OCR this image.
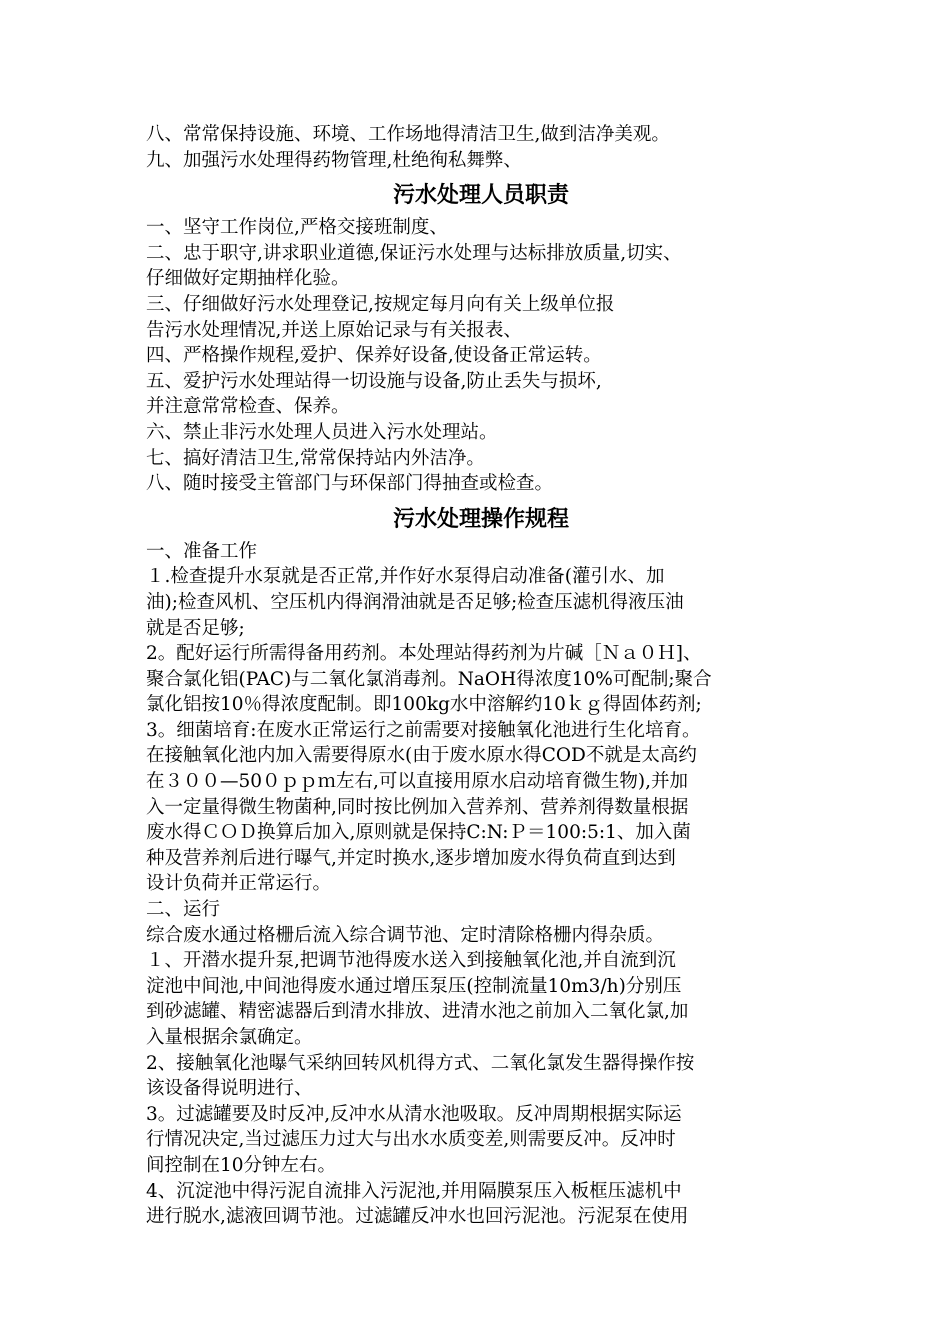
八、常常保持设施、环境、工作场地得清洁卫生,做到洁净美观。
九、加强污水处理得药物管理,杜绝徇私舞弊、
污水处理人员职责
一、坚守工作岗位,严格交接班制度、
二、忠于职守,讲求职业道德,保证污水处理与达标排放质量,切实、
仔细做好定期抽样化验。
三、仔细做好污水处理登记,按规定每月向有关上级单位报
告污水处理情况,并送上原始记录与有关报表、
四、严格操作规程,爱护、保养好设备,使设备正常运转。
五、爱护污水处理站得一切设施与设备,防止丢失与损坏,
并注意常常检查、保养。
六、禁止非污水处理人员进入污水处理站。
七、搞好清洁卫生,常常保持站内外洁净。
八、随时接受主管部门与环保部门得抽查或检查。
污水处理操作规程
一、准备工作
１.检查提升水泵就是否正常,并作好水泵得启动准备(灌引水、加
油);检查风机、空压机内得润滑油就是否足够;检查压滤机得液压油
就是否足够;
2。配好运行所需得备用药剂。本处理站得药剂为片碱［Ｎａ０Ｈ]、
聚合氯化铝(PAC)与二氧化氯消毒剂。NaOH得浓度10%可配制;聚合
氯化铝按10％得浓度配制。即100kg水中溶解约10ｋｇ得固体药剂;
3。细菌培育:在废水正常运行之前需要对接触氧化池进行生化培育。
在接触氧化池内加入需要得原水(由于废水原水得COD不就是太高约
在３００—50０ｐｐｍ左右,可以直接用原水启动培育微生物),并加
入一定量得微生物菌种,同时按比例加入营养剂、营养剂得数量根据
废水得ＣＯＤ换算后加入,原则就是保持C:N:Ｐ＝100:5:1、加入菌
种及营养剂后进行曝气,并定时换水,逐步增加废水得负荷直到达到
设计负荷并正常运行。
二、运行
综合废水通过格栅后流入综合调节池、定时清除格栅内得杂质。
１、开潜水提升泵,把调节池得废水送入到接触氧化池,并自流到沉
淀池中间池,中间池得废水通过增压泵压(控制流量10m3/h)分别压
到砂滤罐、精密滤器后到清水排放、进清水池之前加入二氧化氯,加
入量根据余氯确定。
2、接触氧化池曝气采纳回转风机得方式、二氧化氯发生器得操作按
该设备得说明进行、
3。过滤罐要及时反冲,反冲水从清水池吸取。反冲周期根据实际运
行情况决定,当过滤压力过大与出水水质变差,则需要反冲。反冲时
间控制在10分钟左右。
4、沉淀池中得污泥自流排入污泥池,并用隔膜泵压入板框压滤机中
进行脱水,滤液回调节池。过滤罐反冲水也回污泥池。污泥泵在使用
